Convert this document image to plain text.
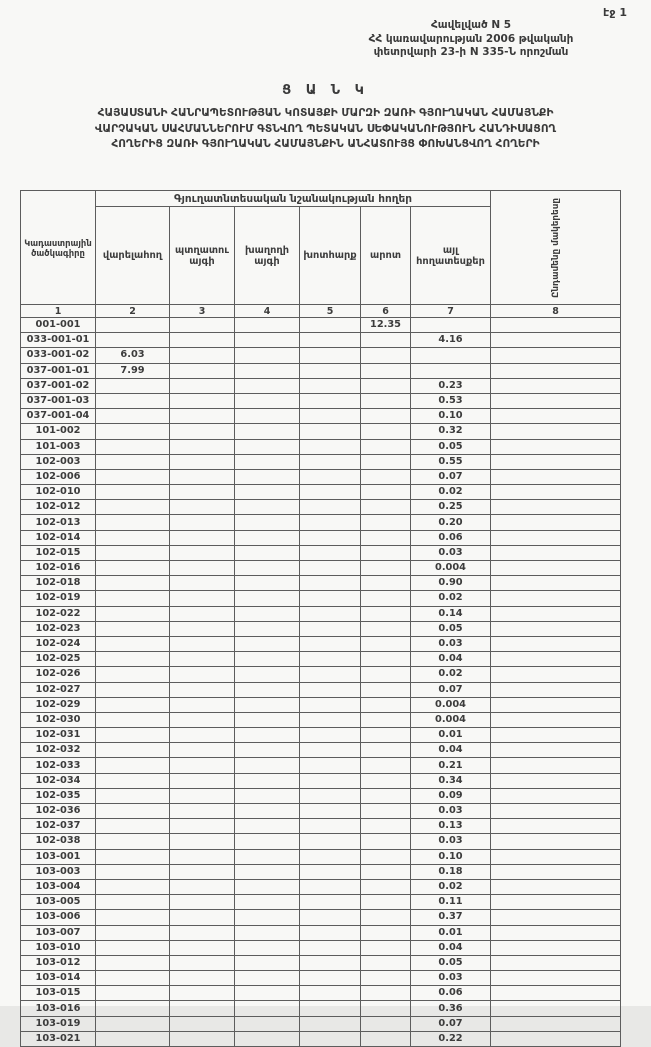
էջ 1
Հավելված N 5
ՀՀ կառավարության 2006 թվականի
փետրվարի 23-ի N 335-Ն որոշման
Ց Ա Ն Կ
ՀԱՅԱՍՏԱՆԻ ՀԱՆՐԱՊԵՏՈՒԹՅԱՆ ԿՈՏԱՅՔԻ ՄԱՐԶԻ ԶԱՌԻ ԳՅՈՒՂԱԿԱՆ ՀԱՄԱՅՆՔԻ
ՎԱՐՉԱԿԱՆ ՍԱՀՄԱՆՆԵՐՈՒՄ ԳՏՆՎՈՂ ՊԵՏԱԿԱՆ ՍԵՓԱԿԱՆՈՒԹՅՈՒՆ ՀԱՆԴԻՍԱՑՈՂ
ՀՈՂԵՐԻՑ ԶԱՌԻ ԳՅՈՒՂԱԿԱՆ ՀԱՄԱՅՆՔԻՆ ԱՆՀԱՏՈՒՅՑ ՓՈԽԱՆՑՎՈՂ ՀՈՂԵՐԻ
Կադաստրային ծածկագիրը	Գյուղատնտեսական նշանակության հողեր						Ընդամենը մակերեսը

	վարելահող	պտղատու այգի	խաղողի այգի	խոտհարք	արոտ	այլ հողատեսքեր	
1	2	3	4	5	6	7	8
001-001					12.35		
033-001-01						4.16	
033-001-02	6.03						
037-001-01	7.99						
037-001-02						0.23	
037-001-03						0.53	
037-001-04						0.10	
101-002						0.32	
101-003						0.05	
102-003						0.55	
102-006						0.07	
102-010						0.02	
102-012						0.25	
102-013						0.20	
102-014						0.06	
102-015						0.03	
102-016						0.004	
102-018						0.90	
102-019						0.02	
102-022						0.14	
102-023						0.05	
102-024						0.03	
102-025						0.04	
102-026						0.02	
102-027						0.07	
102-029						0.004	
102-030						0.004	
102-031						0.01	
102-032						0.04	
102-033						0.21	
102-034						0.34	
102-035						0.09	
102-036						0.03	
102-037						0.13	
102-038						0.03	
103-001						0.10	
103-003						0.18	
103-004						0.02	
103-005						0.11	
103-006						0.37	
103-007						0.01	
103-010						0.04	
103-012						0.05	
103-014						0.03	
103-015						0.06	
103-016						0.36	
103-019						0.07	
103-021						0.22	
